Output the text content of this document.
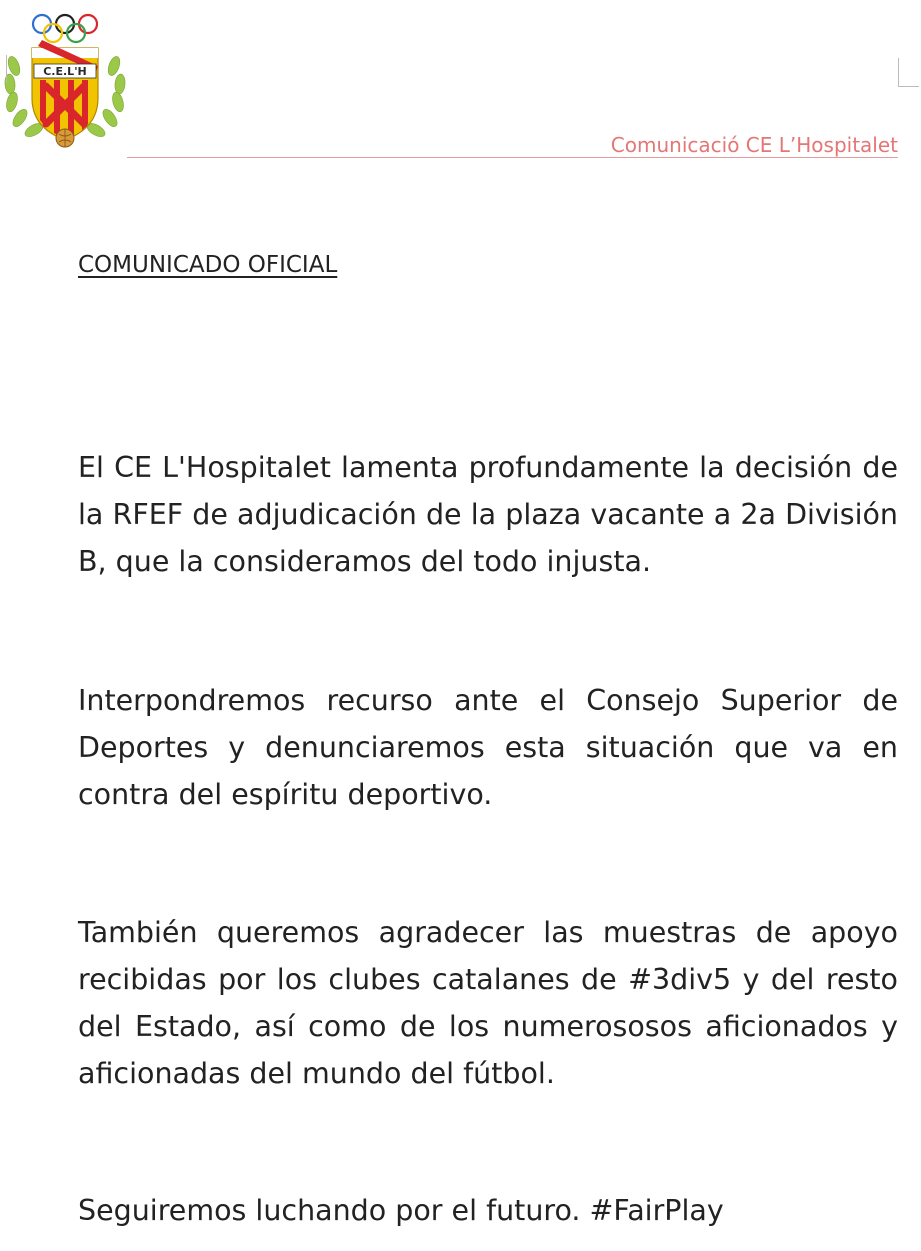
C.E.L'H
Comunicació CE L’Hospitalet
COMUNICADO OFICIAL

El CE L'Hospitalet lamenta profundamente la decisión de la RFEF de adjudicación de la plaza vacante a 2a División B, que la consideramos del todo injusta.

Interpondremos recurso ante el Consejo Superior de Deportes y denunciaremos esta situación que va en contra del espíritu deportivo.

También queremos agradecer las muestras de apoyo recibidas por los clubes catalanes de #3div5 y del resto del Estado, así como de los numerososos aficionados y aficionadas del mundo del fútbol.

Seguiremos luchando por el futuro. #FairPlay
